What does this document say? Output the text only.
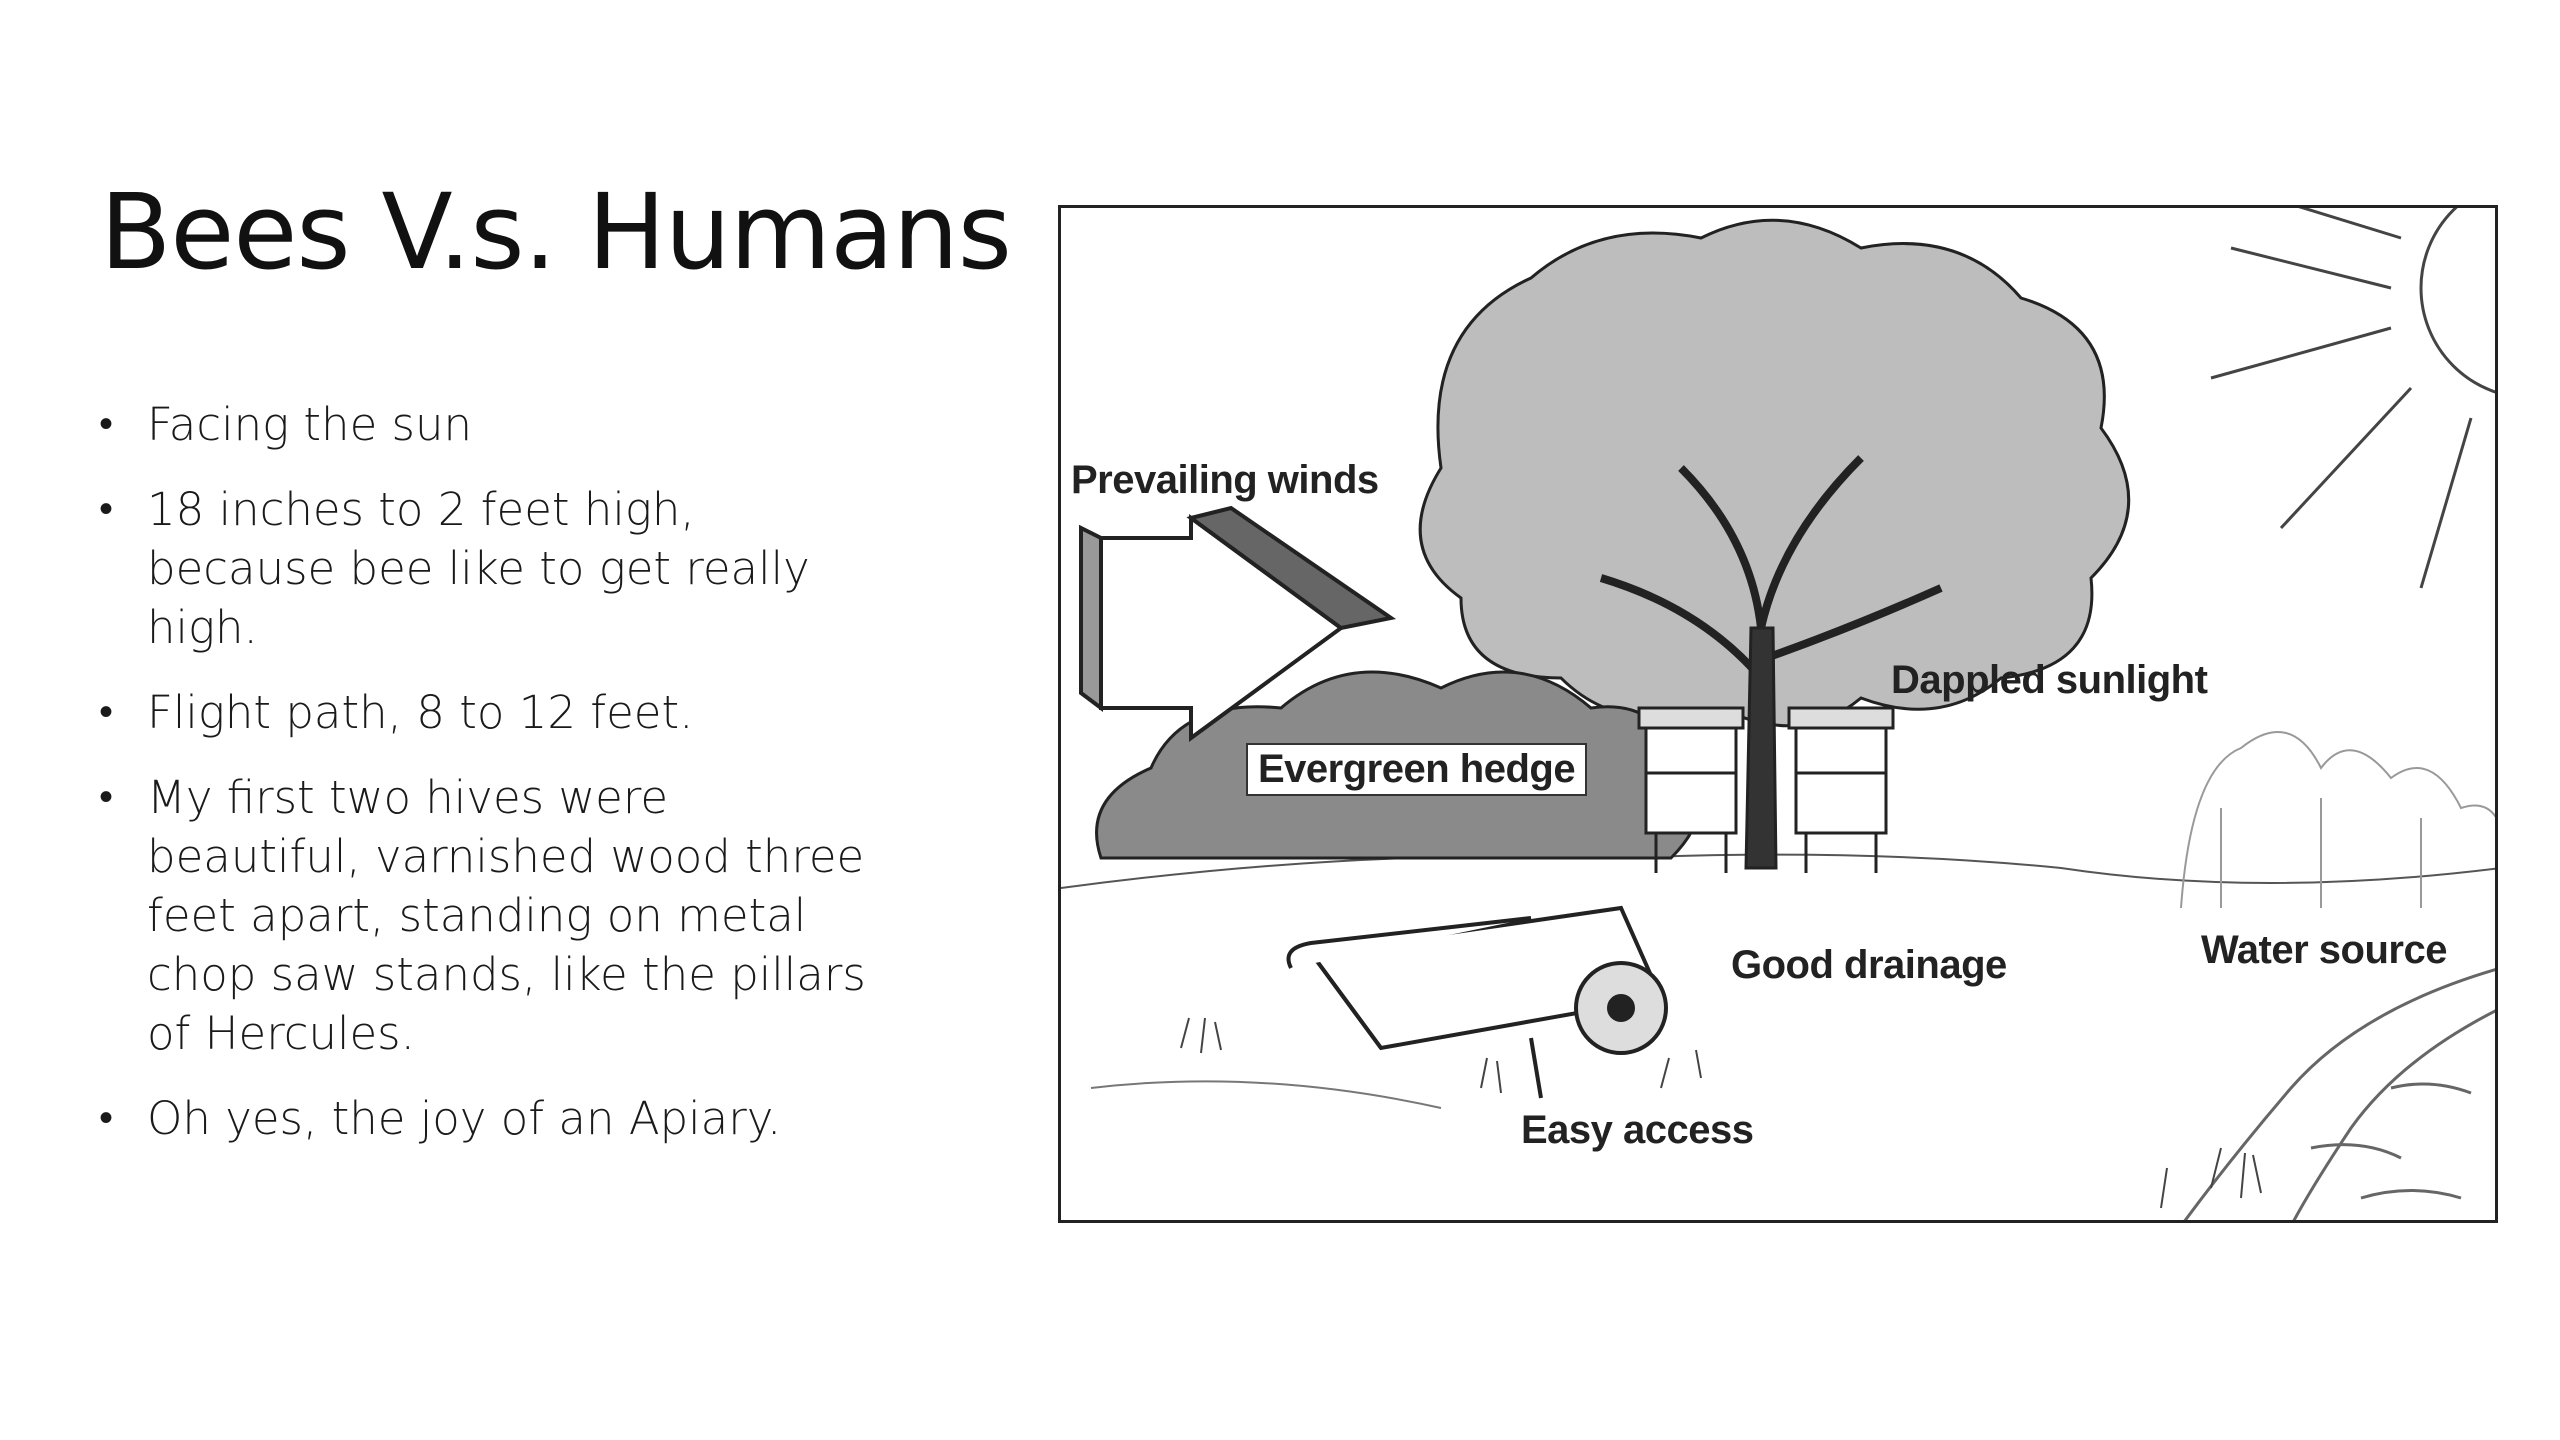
Bees V.s. Humans
• Facing the sun
• 18 inches to 2 feet high, because bee like to get really high.
• Flight path, 8 to 12 feet.
• My first two hives were beautiful, varnished wood three feet apart, standing on metal chop saw stands, like the pillars of Hercules.
• Oh yes, the joy of an Apiary.
Prevailing winds
Dappled sunlight
Evergreen hedge
Good drainage	Water source
Easy access
